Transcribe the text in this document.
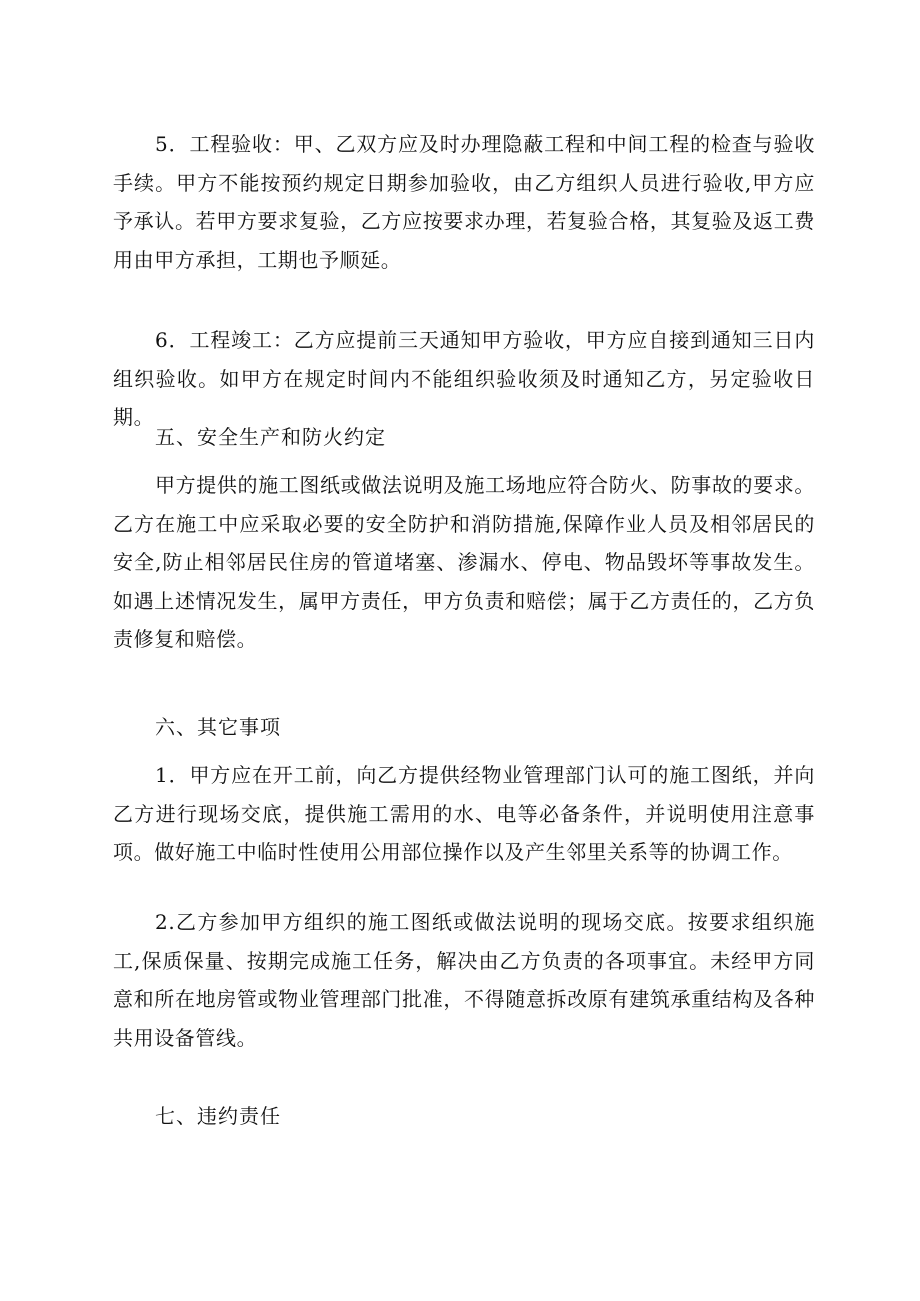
5．工程验收：甲、乙双方应及时办理隐蔽工程和中间工程的检查与验收手续。甲方不能按预约规定日期参加验收，由乙方组织人员进行验收,甲方应予承认。若甲方要求复验，乙方应按要求办理，若复验合格，其复验及返工费用由甲方承担，工期也予顺延。

6．工程竣工：乙方应提前三天通知甲方验收，甲方应自接到通知三日内组织验收。如甲方在规定时间内不能组织验收须及时通知乙方，另定验收日期。

五、安全生产和防火约定

甲方提供的施工图纸或做法说明及施工场地应符合防火、防事故的要求。乙方在施工中应采取必要的安全防护和消防措施,保障作业人员及相邻居民的安全,防止相邻居民住房的管道堵塞、渗漏水、停电、物品毁坏等事故发生。如遇上述情况发生，属甲方责任，甲方负责和赔偿；属于乙方责任的，乙方负责修复和赔偿。

六、其它事项

1．甲方应在开工前，向乙方提供经物业管理部门认可的施工图纸，并向乙方进行现场交底，提供施工需用的水、电等必备条件，并说明使用注意事项。做好施工中临时性使用公用部位操作以及产生邻里关系等的协调工作。

2.乙方参加甲方组织的施工图纸或做法说明的现场交底。按要求组织施工,保质保量、按期完成施工任务，解决由乙方负责的各项事宜。未经甲方同意和所在地房管或物业管理部门批准，不得随意拆改原有建筑承重结构及各种共用设备管线。

七、违约责任
